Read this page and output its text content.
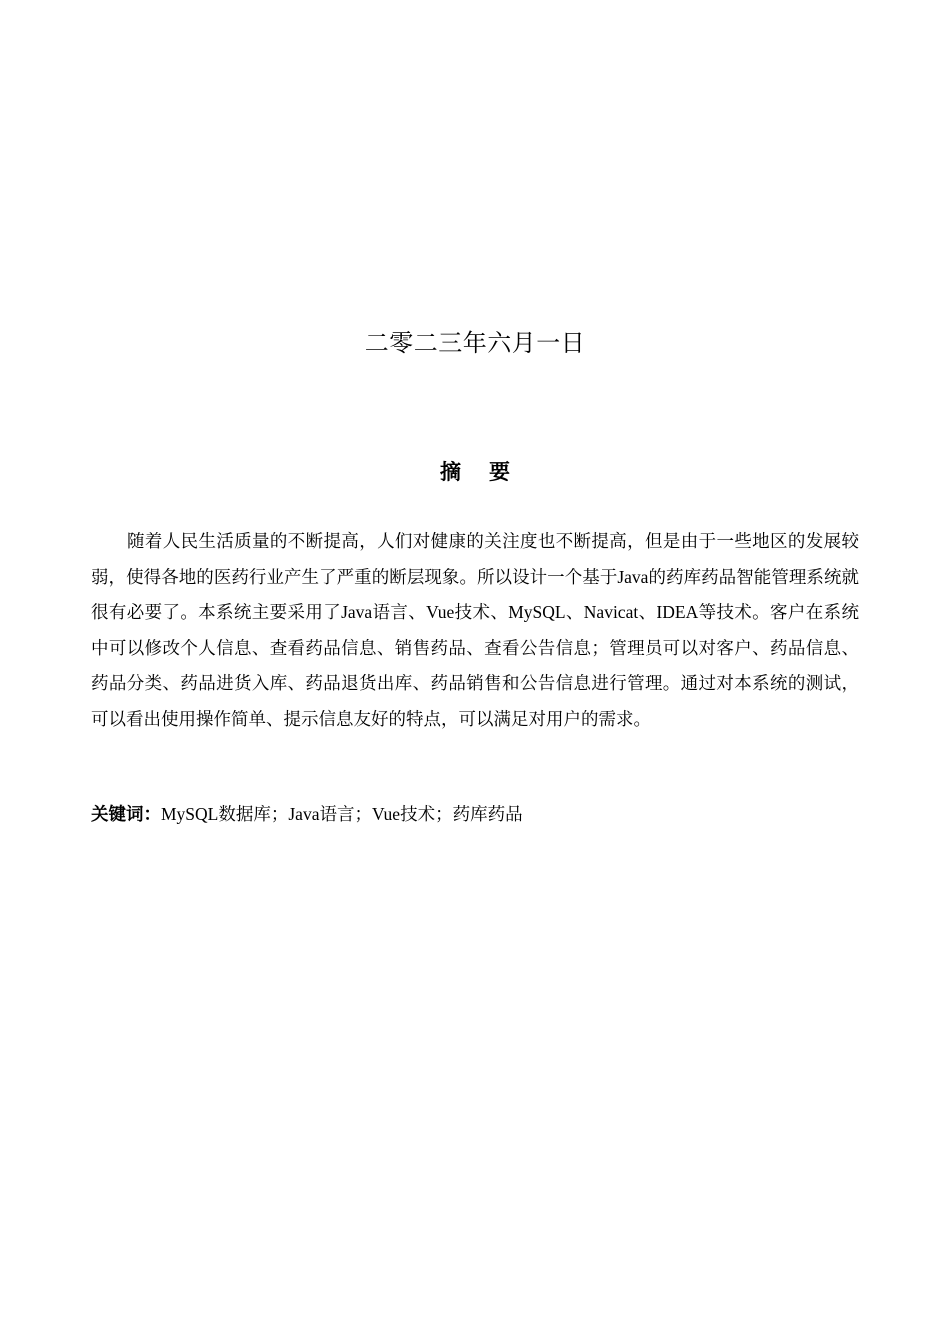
二零二三年六月一日
摘要

随着人民生活质量的不断提高，人们对健康的关注度也不断提高，但是由于一些地区的发展较弱，使得各地的医药行业产生了严重的断层现象。所以设计一个基于Java的药库药品智能管理系统就很有必要了。本系统主要采用了Java语言、Vue技术、MySQL、Navicat、IDEA等技术。客户在系统中可以修改个人信息、查看药品信息、销售药品、查看公告信息；管理员可以对客户、药品信息、药品分类、药品进货入库、药品退货出库、药品销售和公告信息进行管理。通过对本系统的测试，可以看出使用操作简单、提示信息友好的特点，可以满足对用户的需求。

关键词：MySQL数据库；Java语言；Vue技术；药库药品
